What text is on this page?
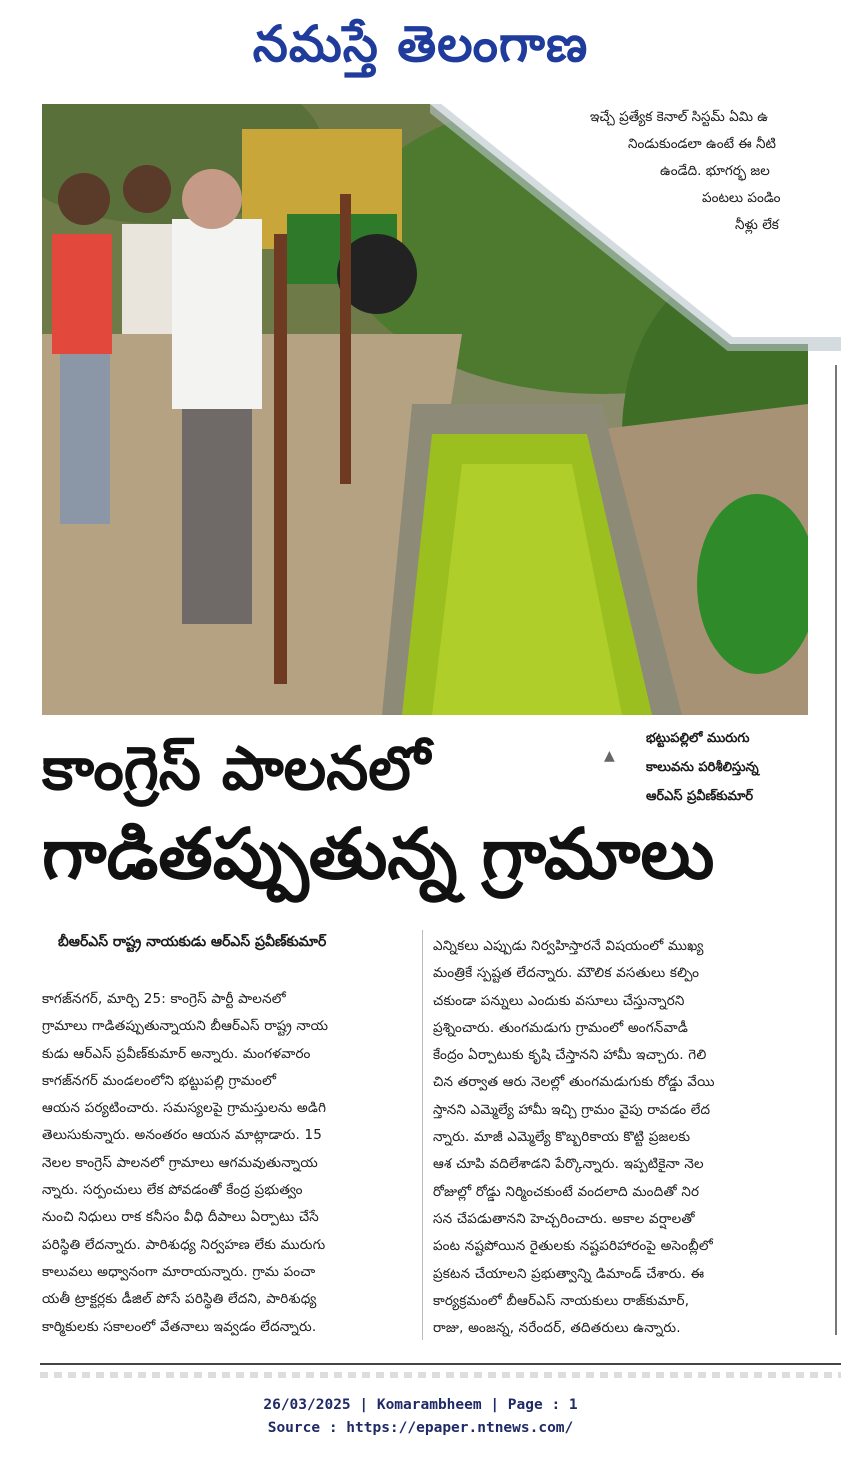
నమస్తే తెలంగాణ
ఇచ్చే ప్రత్యేక కెనాల్ సిస్టమ్ ఏమి ఉ
నిండుకుండలా ఉంటే ఈ నీటి
ఉండేది. భూగర్భ జల
పంటలు పండిం
నీళ్లు లేక
కాంగ్రెస్ పాలనలో
గాడితప్పుతున్న గ్రామాలు
▲
భట్టుపల్లిలో మురుగు
కాలువను పరిశీలిస్తున్న
ఆర్ఎస్ ప్రవీణ్‌కుమార్
బీఆర్ఎస్ రాష్ట్ర నాయకుడు ఆర్ఎస్ ప్రవీణ్‌కుమార్
కాగజ్‌నగర్, మార్చి 25: కాంగ్రెస్ పార్టీ పాలనలో
గ్రామాలు గాడితప్పుతున్నాయని బీఆర్ఎస్ రాష్ట్ర నాయ
కుడు ఆర్ఎస్ ప్రవీణ్‌కుమార్ అన్నారు. మంగళవారం
కాగజ్‌నగర్ మండలంలోని భట్టుపల్లి గ్రామంలో
ఆయన పర్యటించారు. సమస్యలపై గ్రామస్తులను అడిగి
తెలుసుకున్నారు. అనంతరం ఆయన మాట్లాడారు. 15
నెలల కాంగ్రెస్ పాలనలో గ్రామాలు ఆగమవుతున్నాయ
న్నారు. సర్పంచులు లేక పోవడంతో కేంద్ర ప్రభుత్వం
నుంచి నిధులు రాక కనీసం వీధి దీపాలు ఏర్పాటు చేసే
పరిస్థితి లేదన్నారు. పారిశుధ్య నిర్వహణ లేకు మురుగు
కాలువలు అధ్వానంగా మారాయన్నారు. గ్రామ పంచా
యతీ ట్రాక్టర్లకు డీజిల్ పోసే పరిస్థితి లేదని, పారిశుధ్య
కార్మికులకు సకాలంలో వేతనాలు ఇవ్వడం లేదన్నారు.
ఎన్నికలు ఎప్పుడు నిర్వహిస్తారనే విషయంలో ముఖ్య
మంత్రికే స్పష్టత లేదన్నారు. మౌలిక వసతులు కల్పిం
చకుండా పన్నులు ఎందుకు వసూలు చేస్తున్నారని
ప్రశ్నించారు. తుంగమడుగు గ్రామంలో అంగన్‌వాడీ
కేంద్రం ఏర్పాటుకు కృషి చేస్తానని హామీ ఇచ్చారు. గెలి
చిన తర్వాత ఆరు నెలల్లో తుంగమడుగుకు రోడ్డు వేయి
స్తానని ఎమ్మెల్యే హామీ ఇచ్చి గ్రామం వైపు రావడం లేద
న్నారు. మాజీ ఎమ్మెల్యే కొబ్బరికాయ కొట్టి ప్రజలకు
ఆశ చూపి వదిలేశాడని పేర్కొన్నారు. ఇప్పటికైనా నెల
రోజుల్లో రోడ్డు నిర్మించకుంటే వందలాది మందితో నిర
సన చేపడుతానని హెచ్చరించారు. అకాల వర్షాలతో
పంట నష్టపోయిన రైతులకు నష్టపరిహారంపై అసెంబ్లీలో
ప్రకటన చేయాలని ప్రభుత్వాన్ని డిమాండ్ చేశారు. ఈ
కార్యక్రమంలో బీఆర్ఎస్ నాయకులు రాజ్‌కుమార్,
రాజు, అంజన్న, నరేందర్, తదితరులు ఉన్నారు.
26/03/2025 | Komarambheem | Page : 1
Source : https://epaper.ntnews.com/
